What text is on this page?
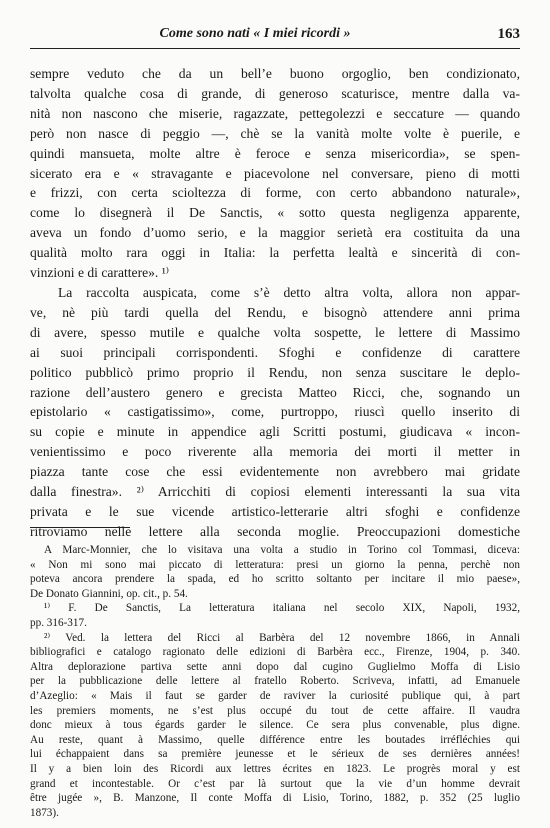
Come sono nati « I miei ricordi »	163

sempre veduto che da un bell’e buono orgoglio, ben condizionato,
talvolta qualche cosa di grande, di generoso scaturisce, mentre dalla va-
nità non nascono che miserie, ragazzate, pettegolezzi e seccature — quando
però non nasce di peggio —, chè se la vanità molte volte è puerile, e
quindi mansueta, molte altre è feroce e senza misericordia», se spen-
sicerato era e « stravagante e piacevolone nel conversare, pieno di motti
e frizzi, con certa scioltezza di forme, con certo abbandono naturale»,
come lo disegnerà il De Sanctis, « sotto questa negligenza apparente,
aveva un fondo d’uomo serio, e la maggior serietà era costituita da una
qualità molto rara oggi in Italia: la perfetta lealtà e sincerità di con-
vinzioni e di carattere». ¹⁾

La raccolta auspicata, come s’è detto altra volta, allora non appar-
ve, nè più tardi quella del Rendu, e bisognò attendere anni prima
di avere, spesso mutile e qualche volta sospette, le lettere di Massimo
ai suoi principali corrispondenti. Sfoghi e confidenze di carattere
politico pubblicò primo proprio il Rendu, non senza suscitare le deplo-
razione dell’austero genero e grecista Matteo Ricci, che, sognando un
epistolario « castigatissimo», come, purtroppo, riuscì quello inserito di
su copie e minute in appendice agli Scritti postumi, giudicava « incon-
venientissimo e poco riverente alla memoria dei morti il metter in
piazza tante cose che essi evidentemente non avrebbero mai gridate
dalla finestra». ²⁾ Arricchiti di copiosi elementi interessanti la sua vita
privata e le sue vicende artistico-letterarie altri sfoghi e confidenze
ritroviamo nelle lettere alla seconda moglie. Preoccupazioni domestiche

A Marc-Monnier, che lo visitava una volta a studio in Torino col Tommasi, diceva:
« Non mi sono mai piccato di letteratura: presi un giorno la penna, perchè non
poteva ancora prendere la spada, ed ho scritto soltanto per incitare il mio paese»,
De Donato Giannini, op. cit., p. 54.
¹⁾ F. De Sanctis, La letteratura italiana nel secolo XIX, Napoli, 1932,
pp. 316-317.
²⁾ Ved. la lettera del Ricci al Barbèra del 12 novembre 1866, in Annali
bibliografici e catalogo ragionato delle edizioni di Barbèra ecc., Firenze, 1904, p. 340.
Altra deplorazione partiva sette anni dopo dal cugino Guglielmo Moffa di Lisio
per la pubblicazione delle lettere al fratello Roberto. Scriveva, infatti, ad Emanuele
d’Azeglio: « Mais il faut se garder de raviver la curiosité publique qui, à part
les premiers moments, ne s’est plus occupé du tout de cette affaire. Il vaudra
donc mieux à tous égards garder le silence. Ce sera plus convenable, plus digne.
Au reste, quant à Massimo, quelle différence entre les boutades irréfléchies qui
lui échappaient dans sa première jeunesse et le sérieux de ses dernières années!
Il y a bien loin des Ricordi aux lettres écrites en 1823. Le progrès moral y est
grand et incontestable. Or c’est par là surtout que la vie d’un homme devrait
être jugée », B. Manzone, Il conte Moffa di Lisio, Torino, 1882, p. 352 (25 luglio
1873).
